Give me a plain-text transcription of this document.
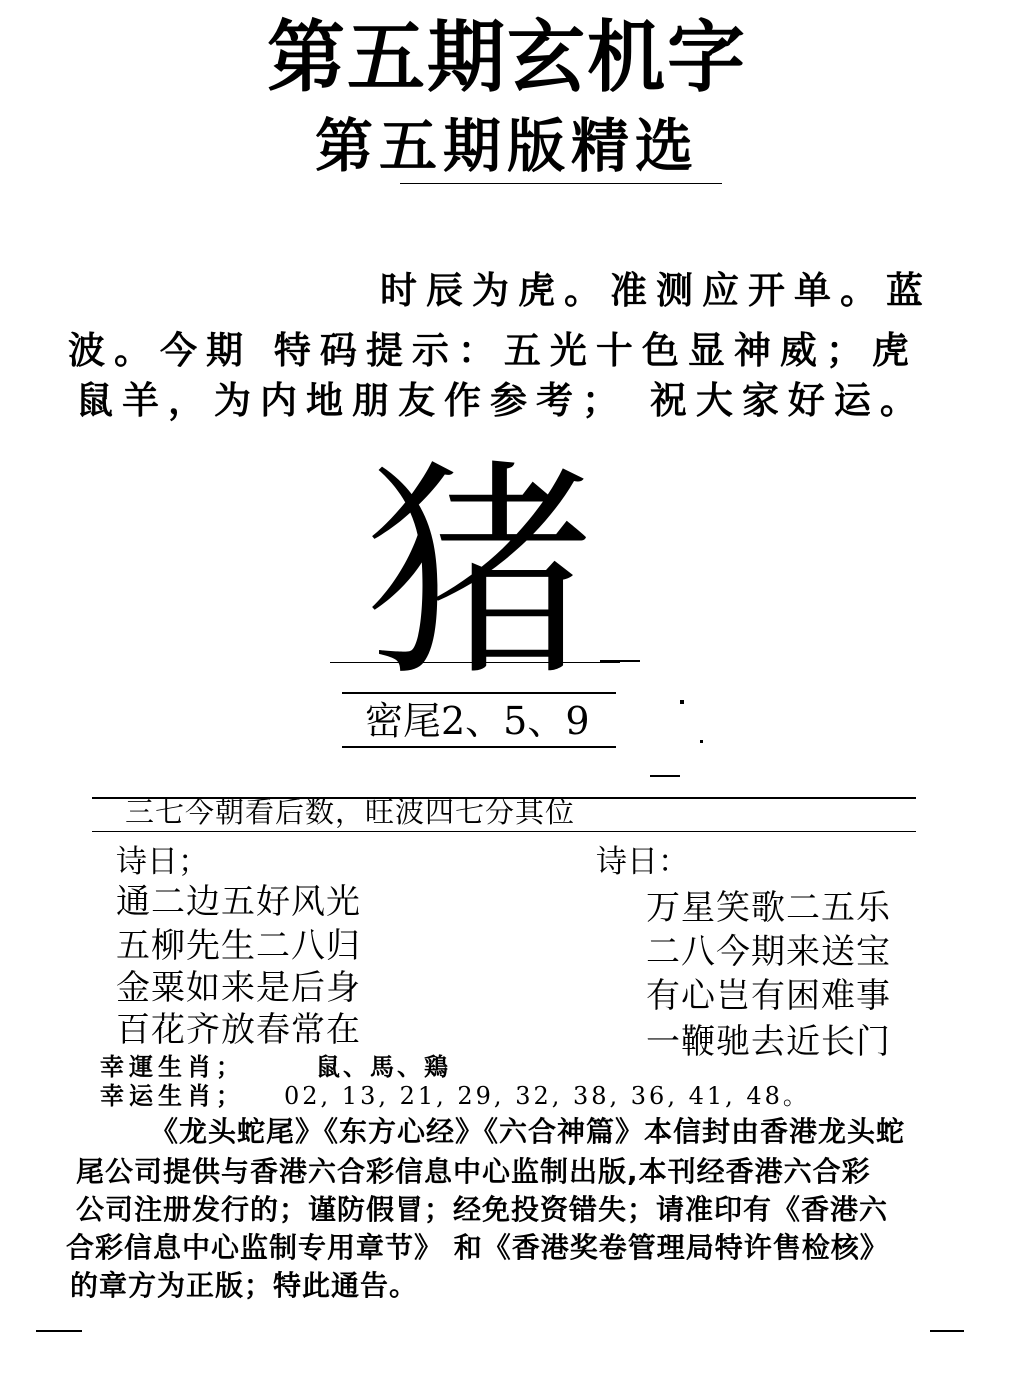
第五期玄机字
第五期版精选
时辰为虎。准测应开单。蓝
波。今期 特码提示：五光十色显神威；虎
鼠羊，为内地朋友作参考； 祝大家好运。
猪
密尾2、5、9
三七今朝看后数，旺波四七分其位
诗日；
通二边五好风光
五柳先生二八归
金粟如来是后身
百花齐放春常在
诗日：
万星笑歌二五乐
二八今期来送宝
有心岂有困难事
一鞭驰去近长门
幸運生肖；	鼠、馬、鶏
幸运生肖； 02, 13, 21, 29, 32, 38, 36, 41, 48。
《龙头蛇尾》《东方心经》《六合神篇》本信封由香港龙头蛇
尾公司提供与香港六合彩信息中心监制出版,本刊经香港六合彩
公司注册发行的；谨防假冒；经免投资错失；请准印有《香港六
合彩信息中心监制专用章节》 和《香港奖卷管理局特许售检核》
的章方为正版；特此通告。
